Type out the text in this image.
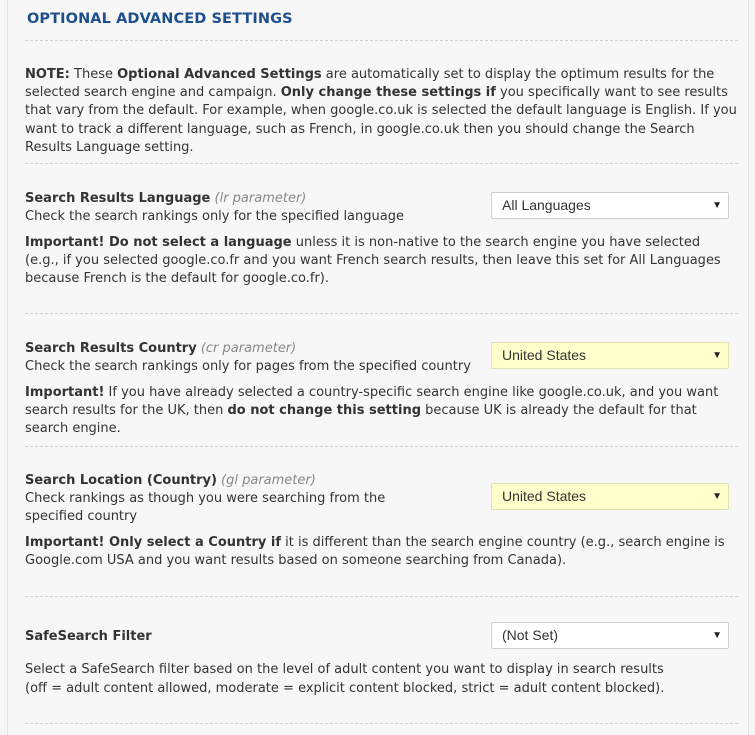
OPTIONAL ADVANCED SETTINGS
NOTE: These Optional Advanced Settings are automatically set to display the optimum results for the selected search engine and campaign. Only change these settings if you specifically want to see results that vary from the default. For example, when google.co.uk is selected the default language is English. If you want to track a different language, such as French, in google.co.uk then you should change the Search Results Language setting.
Search Results Language (lr parameter)
Check the search rankings only for the specified language
All Languages	▼
Important! Do not select a language unless it is non-native to the search engine you have selected (e.g., if you selected google.co.fr and you want French search results, then leave this set for All Languages because French is the default for google.co.fr).
Search Results Country (cr parameter)
Check the search rankings only for pages from the specified country
United States	▼
Important! If you have already selected a country-specific search engine like google.co.uk, and you want search results for the UK, then do not change this setting because UK is already the default for that search engine.
Search Location (Country) (gl parameter)
Check rankings as though you were searching from the specified country
United States	▼
Important! Only select a Country if it is different than the search engine country (e.g., search engine is Google.com USA and you want results based on someone searching from Canada).
SafeSearch Filter	(Not Set)	▼
Select a SafeSearch filter based on the level of adult content you want to display in search results
(off = adult content allowed, moderate = explicit content blocked, strict = adult content blocked).
